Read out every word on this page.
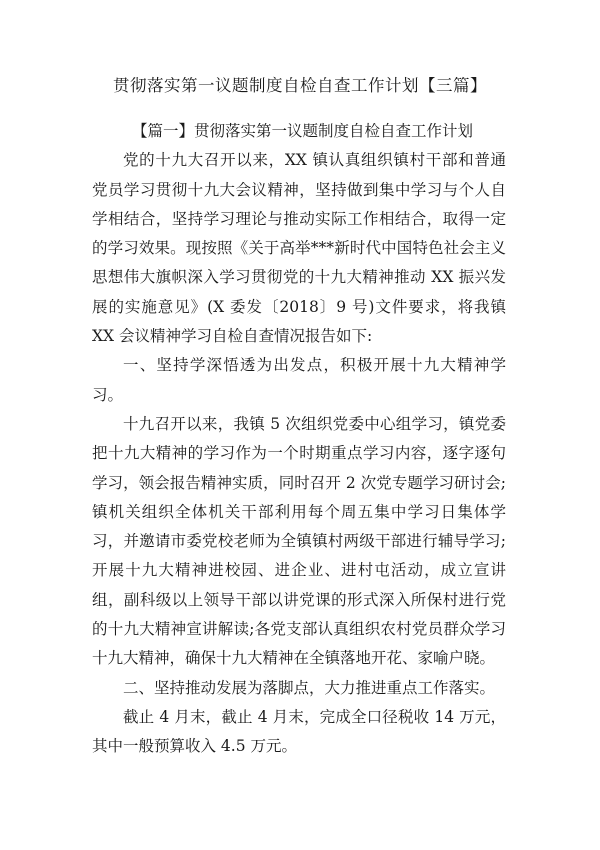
贯彻落实第一议题制度自检自查工作计划【三篇】

【篇一】贯彻落实第一议题制度自检自查工作计划

党的十九大召开以来，XX 镇认真组织镇村干部和普通党员学习贯彻十九大会议精神，坚持做到集中学习与个人自学相结合，坚持学习理论与推动实际工作相结合，取得一定的学习效果。现按照《关于高举***新时代中国特色社会主义思想伟大旗帜深入学习贯彻党的十九大精神推动 XX 振兴发展的实施意见》(X 委发〔2018〕9 号)文件要求，将我镇 XX 会议精神学习自检自查情况报告如下:

一、坚持学深悟透为出发点，积极开展十九大精神学习。

十九召开以来，我镇 5 次组织党委中心组学习，镇党委把十九大精神的学习作为一个时期重点学习内容，逐字逐句学习，领会报告精神实质，同时召开 2 次党专题学习研讨会;镇机关组织全体机关干部利用每个周五集中学习日集体学习，并邀请市委党校老师为全镇镇村两级干部进行辅导学习;开展十九大精神进校园、进企业、进村屯活动，成立宣讲组，副科级以上领导干部以讲党课的形式深入所保村进行党的十九大精神宣讲解读;各党支部认真组织农村党员群众学习十九大精神，确保十九大精神在全镇落地开花、家喻户晓。

二、坚持推动发展为落脚点，大力推进重点工作落实。

截止 4 月末，截止 4 月末，完成全口径税收 14 万元，其中一般预算收入 4.5 万元。
